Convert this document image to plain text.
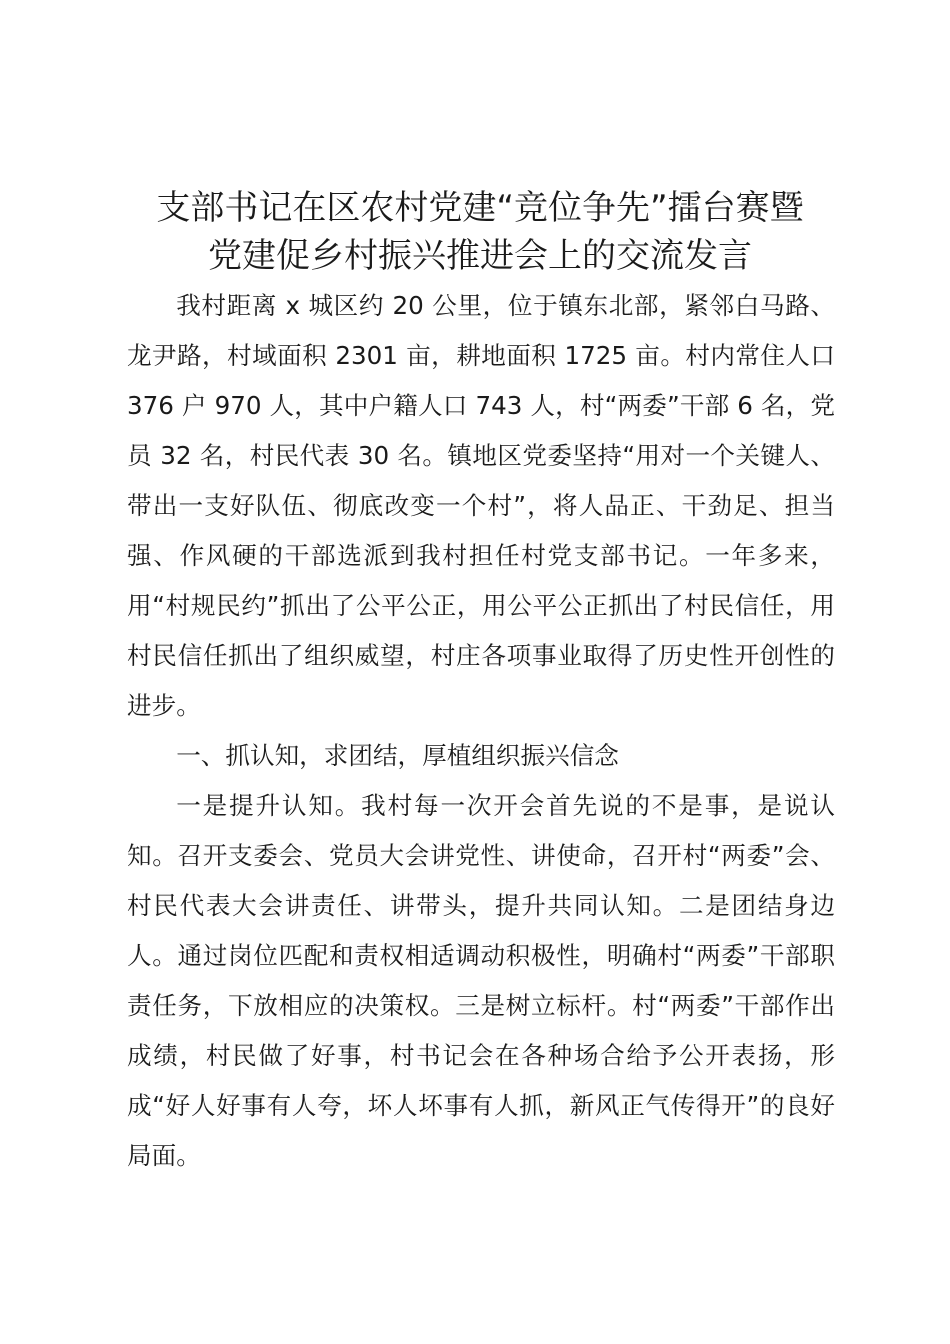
支部书记在区农村党建“竞位争先”擂台赛暨
党建促乡村振兴推进会上的交流发言

我村距离 x 城区约 20 公里，位于镇东北部，紧邻白马路、龙尹路，村域面积 2301 亩，耕地面积 1725 亩。村内常住人口 376 户 970 人，其中户籍人口 743 人，村“两委”干部 6 名，党员 32 名，村民代表 30 名。镇地区党委坚持“用对一个关键人、带出一支好队伍、彻底改变一个村”，将人品正、干劲足、担当强、作风硬的干部选派到我村担任村党支部书记。一年多来，用“村规民约”抓出了公平公正，用公平公正抓出了村民信任，用村民信任抓出了组织威望，村庄各项事业取得了历史性开创性的进步。

一、抓认知，求团结，厚植组织振兴信念

一是提升认知。我村每一次开会首先说的不是事，是说认知。召开支委会、党员大会讲党性、讲使命，召开村“两委”会、村民代表大会讲责任、讲带头，提升共同认知。二是团结身边人。通过岗位匹配和责权相适调动积极性，明确村“两委”干部职责任务，下放相应的决策权。三是树立标杆。村“两委”干部作出成绩，村民做了好事，村书记会在各种场合给予公开表扬，形成“好人好事有人夸，坏人坏事有人抓，新风正气传得开”的良好局面。
